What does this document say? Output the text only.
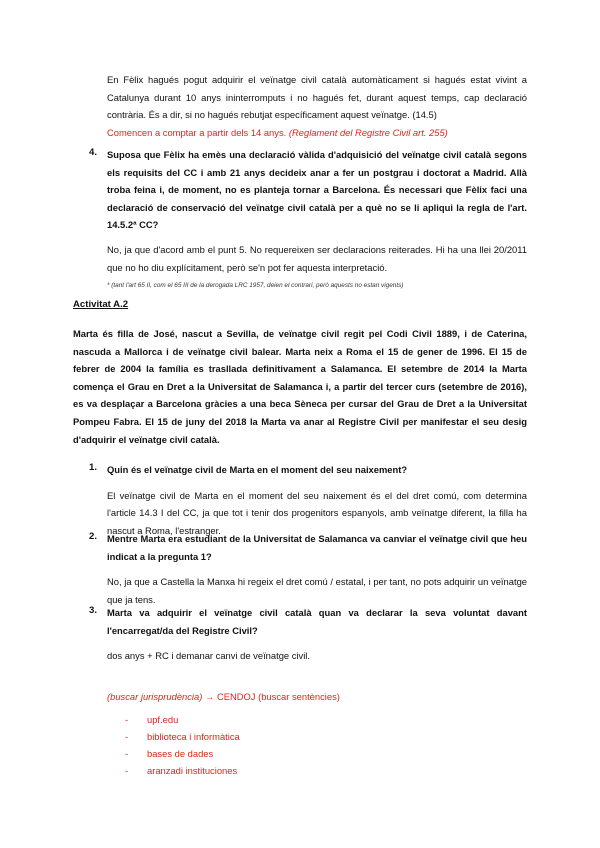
En Fèlix hagués pogut adquirir el veïnatge civil català automàticament si hagués estat vivint a Catalunya durant 10 anys ininterromputs i no hagués fet, durant aquest temps, cap declaració contrària. És a dir, si no hagués rebutjat específicament aquest veïnatge. (14.5)

Comencen a comptar a partir dels 14 anys. (Reglament del Registre Civil art. 255)

4. Suposa que Fèlix ha emès una declaració vàlida d'adquisició del veïnatge civil català segons els requisits del CC i amb 21 anys decideix anar a fer un postgrau i doctorat a Madrid. Allà troba feina i, de moment, no es planteja tornar a Barcelona. És necessari que Fèlix faci una declaració de conservació del veïnatge civil català per a què no se li apliqui la regla de l'art. 14.5.2ª CC?

No, ja que d'acord amb el punt 5. No requereixen ser declaracions reiterades. Hi ha una llei 20/2011 que no ho diu explícitament, però se'n pot fer aquesta interpretació.

* (tant l'art 65 II, com el 65 III de la derogada LRC 1957, deien el contrari, però aquests no estan vigents)

Activitat A.2

Marta és filla de José, nascut a Sevilla, de veïnatge civil regit pel Codi Civil 1889, i de Caterina, nascuda a Mallorca i de veïnatge civil balear. Marta neix a Roma el 15 de gener de 1996. El 15 de febrer de 2004 la família es trasllada definitivament a Salamanca. El setembre de 2014 la Marta comença el Grau en Dret a la Universitat de Salamanca i, a partir del tercer curs (setembre de 2016), es va desplaçar a Barcelona gràcies a una beca Sèneca per cursar del Grau de Dret a la Universitat Pompeu Fabra. El 15 de juny del 2018 la Marta va anar al Registre Civil per manifestar el seu desig d'adquirir el veïnatge civil català.

1. Quin és el veïnatge civil de Marta en el moment del seu naixement?

El veïnatge civil de Marta en el moment del seu naixement és el del dret comú, com determina l'article 14.3 I del CC, ja que tot i tenir dos progenitors espanyols, amb veïnatge diferent, la filla ha nascut a Roma, l'estranger.

2. Mentre Marta era estudiant de la Universitat de Salamanca va canviar el veïnatge civil que heu indicat a la pregunta 1?

No, ja que a Castella la Manxa hi regeix el dret comú / estatal, i per tant, no pots adquirir un veïnatge que ja tens.

3. Marta va adquirir el veïnatge civil català quan va declarar la seva voluntat davant l'encarregat/da del Registre Civil?

dos anys + RC i demanar canvi de veïnatge civil.

(buscar jurisprudència) → CENDOJ (buscar sentències)

- upf.edu
- biblioteca i informàtica
- bases de dades
- aranzadi instituciones
